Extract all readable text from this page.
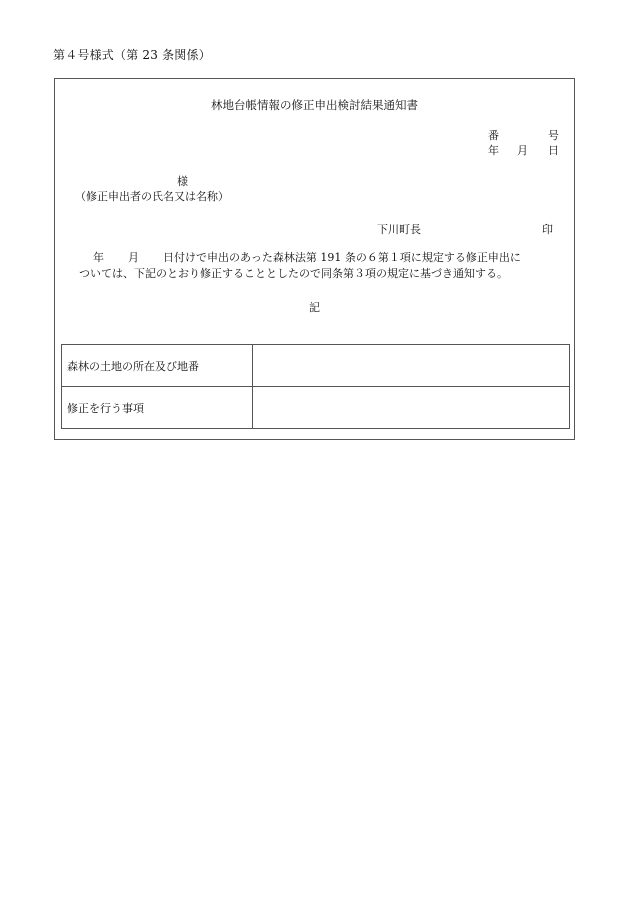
第４号様式（第 23 条関係）
林地台帳情報の修正申出検討結果通知書
番	号
年 月 日
様
（修正申出者の氏名又は名称）
下川町長	印
年 月 日付けで申出のあった森林法第 191 条の６第１項に規定する修正申出に
ついては、下記のとおり修正することとしたので同条第３項の規定に基づき通知する。
記
森林の土地の所在及び地番	
修正を行う事項	
